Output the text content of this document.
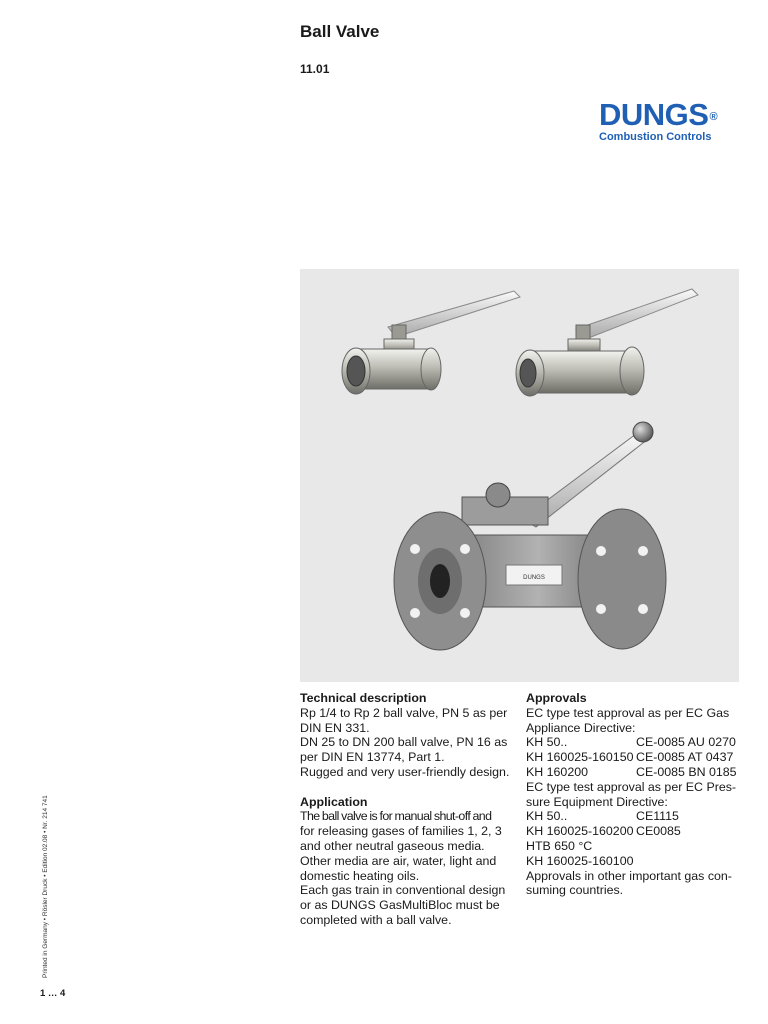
Ball Valve
11.01
DUNGS®
Combustion Controls
DUNGS
Technical description
Rp 1/4 to Rp 2 ball valve, PN 5 as per
DIN EN 331.
DN 25 to DN 200 ball valve, PN 16 as
per DIN EN 13774, Part 1.
Rugged and very user-friendly design.
Application
The ball valve is for manual shut-off and
for releasing gases of families 1, 2, 3
and other neutral gaseous media.
Other media are air, water, light and
domestic heating oils.
Each gas train in conventional design
or as DUNGS GasMultiBloc must be
completed with a ball valve.
Approvals
EC type test approval as per EC Gas
Appliance Directive:
KH 50..	CE-0085 AU 0270
KH 160025-160150 CE-0085 AT 0437
KH 160200	CE-0085 BN 0185
EC type test approval as per EC Pres-
sure Equipment Directive:
KH 50..	CE1115
KH 160025-160200 CE0085
HTB 650 °C
KH 160025-160100
Approvals in other important gas con-
suming countries.
Printed in Germany • Rösler Druck • Edition 02.08 • Nr. 214 741
1 … 4
